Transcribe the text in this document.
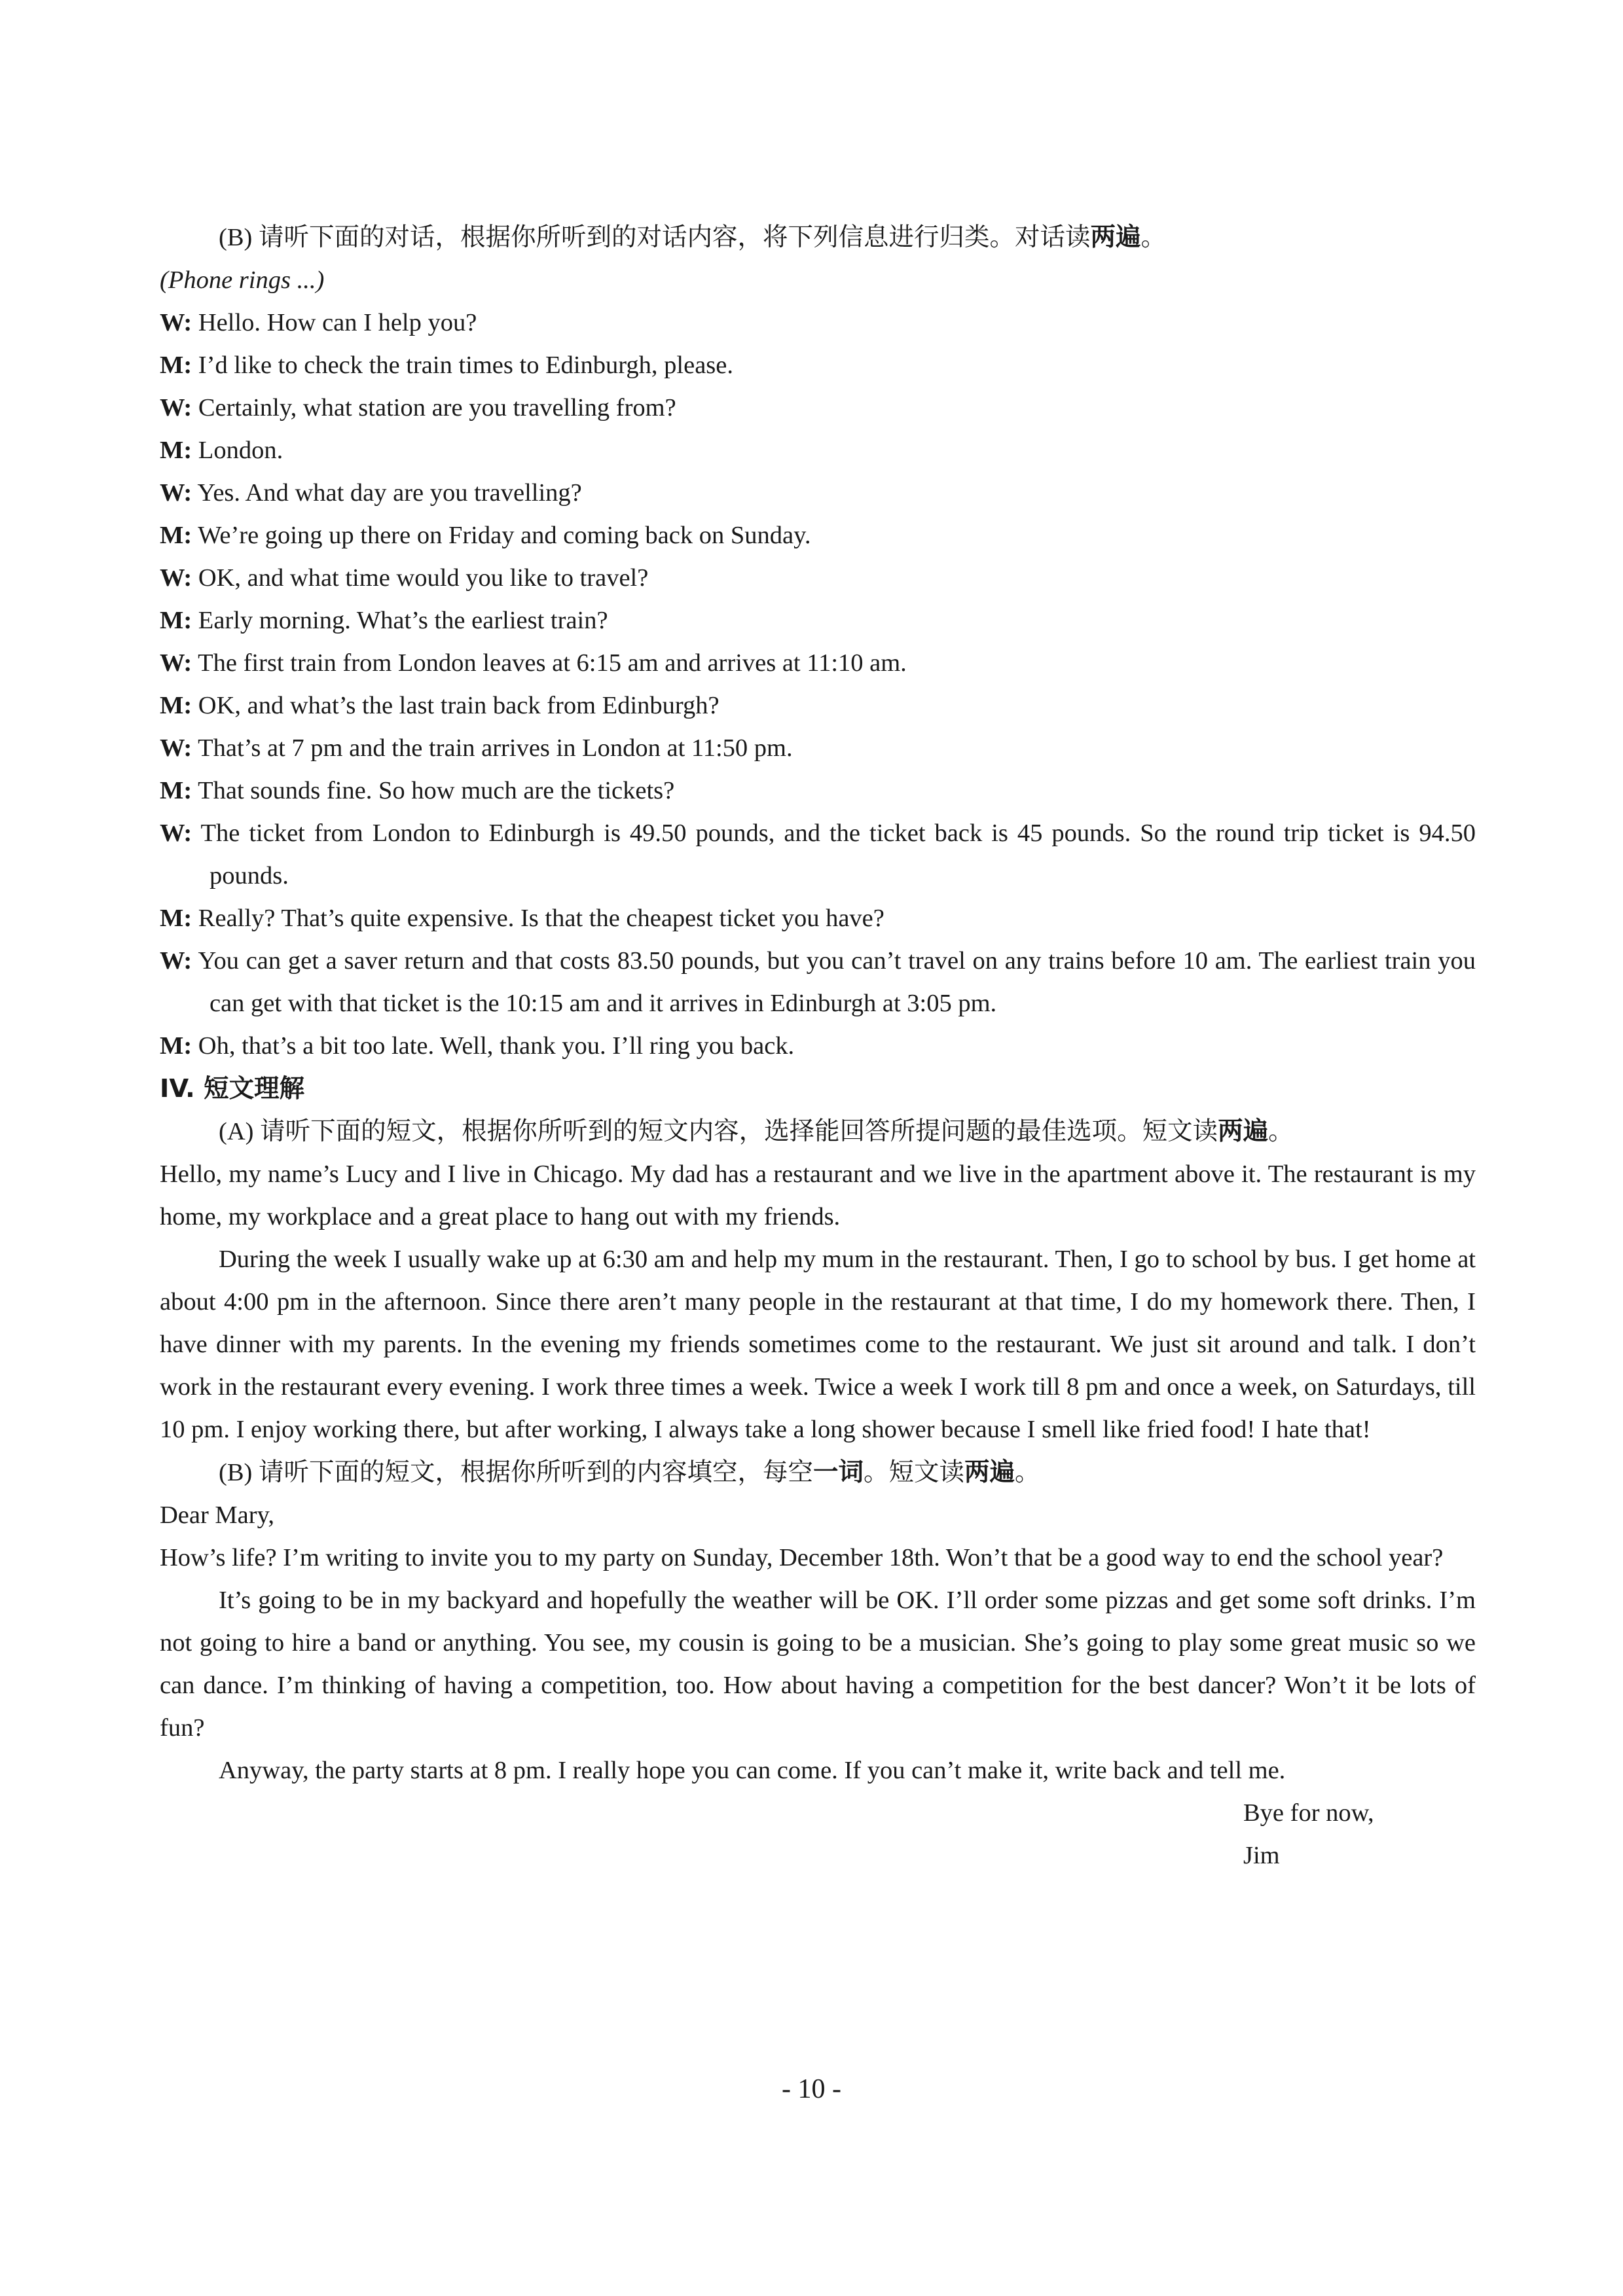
(B) 请听下面的对话，根据你所听到的对话内容，将下列信息进行归类。对话读两遍。
(Phone rings ...)
W: Hello. How can I help you?
M: I’d like to check the train times to Edinburgh, please.
W: Certainly, what station are you travelling from?
M: London.
W: Yes. And what day are you travelling?
M: We’re going up there on Friday and coming back on Sunday.
W: OK, and what time would you like to travel?
M: Early morning. What’s the earliest train?
W: The first train from London leaves at 6:15 am and arrives at 11:10 am.
M: OK, and what’s the last train back from Edinburgh?
W: That’s at 7 pm and the train arrives in London at 11:50 pm.
M: That sounds fine. So how much are the tickets?
W: The ticket from London to Edinburgh is 49.50 pounds, and the ticket back is 45 pounds. So the round trip ticket is 94.50 pounds.
M: Really? That’s quite expensive. Is that the cheapest ticket you have?
W: You can get a saver return and that costs 83.50 pounds, but you can’t travel on any trains before 10 am. The earliest train you can get with that ticket is the 10:15 am and it arrives in Edinburgh at 3:05 pm.
M: Oh, that’s a bit too late. Well, thank you. I’ll ring you back.
IV. 短文理解
(A) 请听下面的短文，根据你所听到的短文内容，选择能回答所提问题的最佳选项。短文读两遍。
Hello, my name’s Lucy and I live in Chicago. My dad has a restaurant and we live in the apartment above it. The restaurant is my home, my workplace and a great place to hang out with my friends.
During the week I usually wake up at 6:30 am and help my mum in the restaurant. Then, I go to school by bus. I get home at about 4:00 pm in the afternoon. Since there aren’t many people in the restaurant at that time, I do my homework there. Then, I have dinner with my parents. In the evening my friends sometimes come to the restaurant. We just sit around and talk. I don’t work in the restaurant every evening. I work three times a week. Twice a week I work till 8 pm and once a week, on Saturdays, till 10 pm. I enjoy working there, but after working, I always take a long shower because I smell like fried food! I hate that!
(B) 请听下面的短文，根据你所听到的内容填空，每空一词。短文读两遍。
Dear Mary,
How’s life? I’m writing to invite you to my party on Sunday, December 18th. Won’t that be a good way to end the school year?
It’s going to be in my backyard and hopefully the weather will be OK. I’ll order some pizzas and get some soft drinks. I’m not going to hire a band or anything. You see, my cousin is going to be a musician. She’s going to play some great music so we can dance. I’m thinking of having a competition, too. How about having a competition for the best dancer? Won’t it be lots of fun?
Anyway, the party starts at 8 pm. I really hope you can come. If you can’t make it, write back and tell me.
Bye for now,
Jim
- 10 -
